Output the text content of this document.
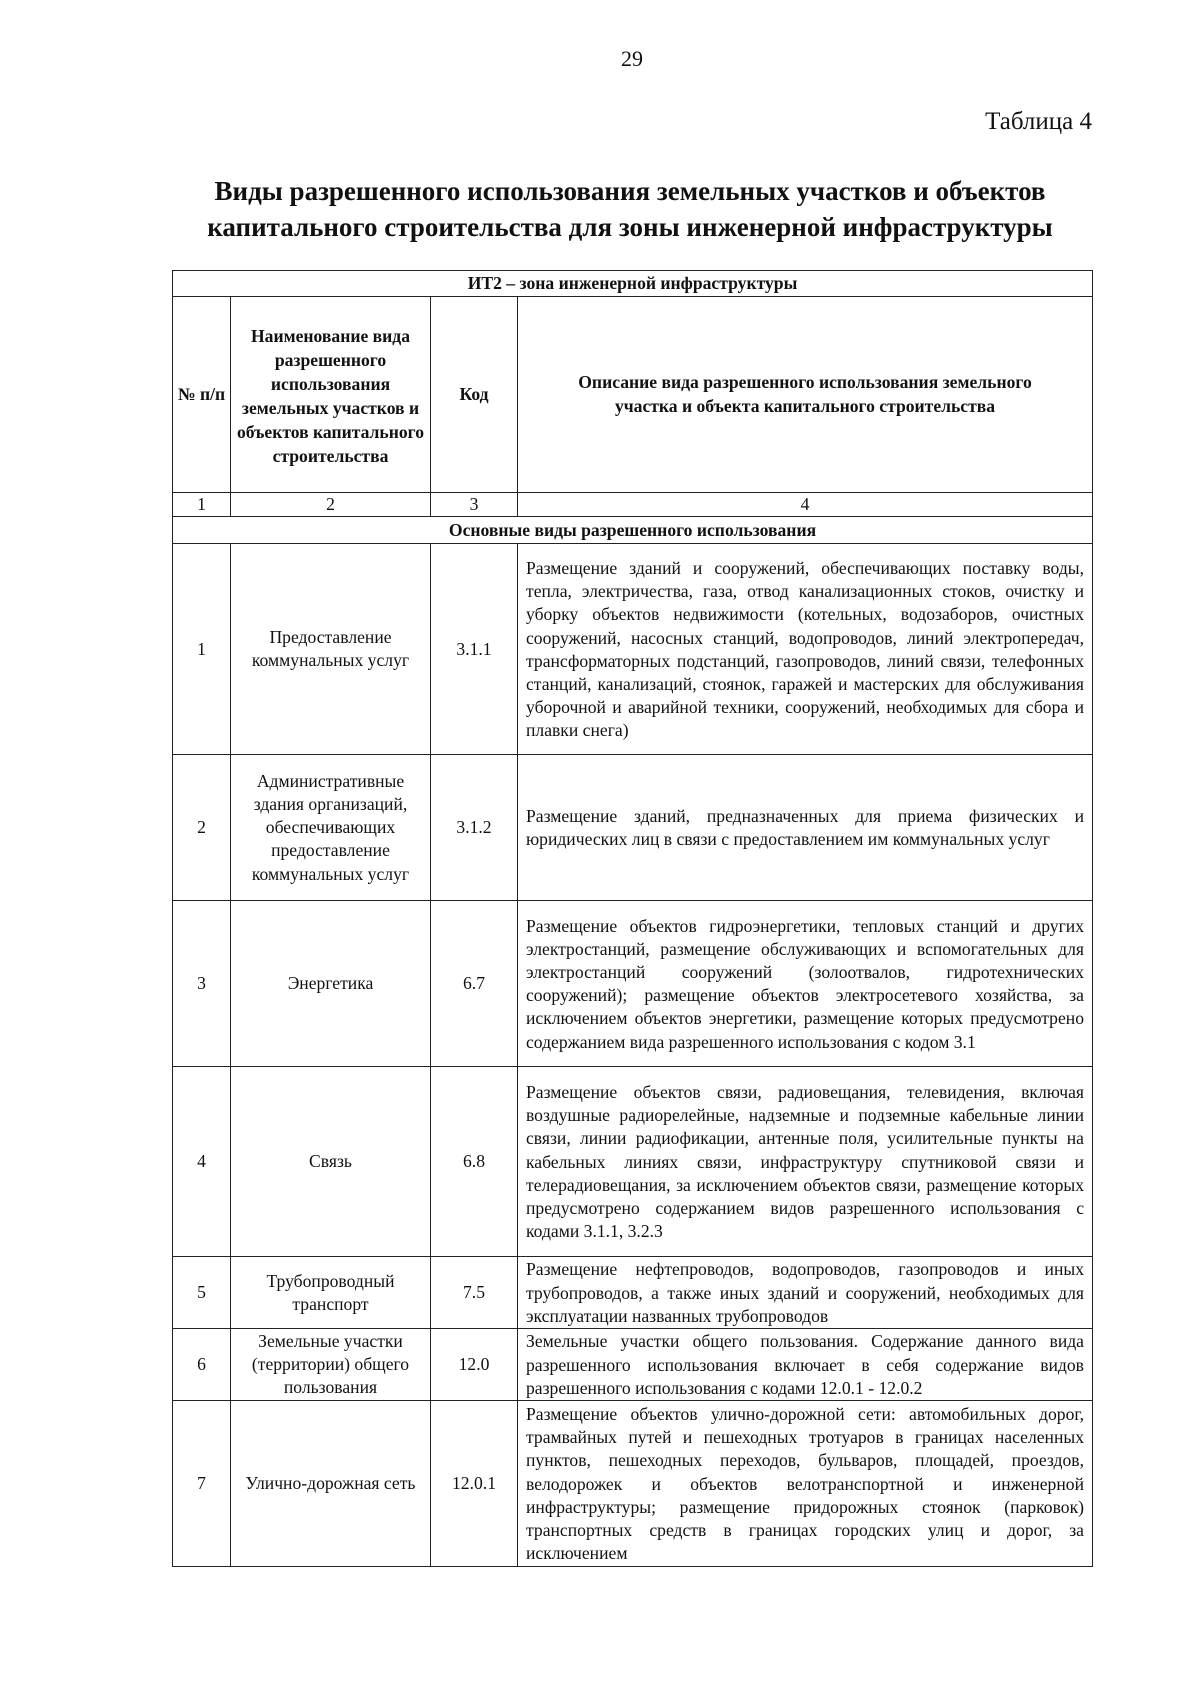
29
Таблица 4
Виды разрешенного использования земельных участков и объектов
капитального строительства для зоны инженерной инфраструктуры
ИТ2 – зона инженерной инфраструктуры			
№ п/п	Наименование вида разрешенного использования земельных участков и объектов капитального строительства	Код	Описание вида разрешенного использования земельного участка и объекта капитального строительства
1	2	3	4
Основные виды разрешенного использования			
1	Предоставление коммунальных услуг	3.1.1	Размещение зданий и сооружений, обеспечивающих поставку воды, тепла, электричества, газа, отвод канализационных стоков, очистку и уборку объектов недвижимости (котельных, водозаборов, очистных сооружений, насосных станций, водопроводов, линий электропередач, трансформаторных подстанций, газопроводов, линий связи, телефонных станций, канализаций, стоянок, гаражей и мастерских для обслуживания уборочной и аварийной техники, сооружений, необходимых для сбора и плавки снега)
2	Административные здания организаций, обеспечивающих предоставление коммунальных услуг	3.1.2	Размещение зданий, предназначенных для приема физических и юридических лиц в связи с предоставлением им коммунальных услуг
3	Энергетика	6.7	Размещение объектов гидроэнергетики, тепловых станций и других электростанций, размещение обслуживающих и вспомогательных для электростанций сооружений (золоотвалов, гидротехнических сооружений); размещение объектов электросетевого хозяйства, за исключением объектов энергетики, размещение которых предусмотрено содержанием вида разрешенного использования с кодом 3.1
4	Связь	6.8	Размещение объектов связи, радиовещания, телевидения, включая воздушные радиорелейные, надземные и подземные кабельные линии связи, линии радиофикации, антенные поля, усилительные пункты на кабельных линиях связи, инфраструктуру спутниковой связи и телерадиовещания, за исключением объектов связи, размещение которых предусмотрено содержанием видов разрешенного использования с кодами 3.1.1, 3.2.3
5	Трубопроводный транспорт	7.5	Размещение нефтепроводов, водопроводов, газопроводов и иных трубопроводов, а также иных зданий и сооружений, необходимых для эксплуатации названных трубопроводов
6	Земельные участки (территории) общего пользования	12.0	Земельные участки общего пользования. Содержание данного вида разрешенного использования включает в себя содержание видов разрешенного использования с кодами 12.0.1 - 12.0.2
7	Улично-дорожная сеть	12.0.1	Размещение объектов улично-дорожной сети: автомобильных дорог, трамвайных путей и пешеходных тротуаров в границах населенных пунктов, пешеходных переходов, бульваров, площадей, проездов, велодорожек и объектов велотранспортной и инженерной инфраструктуры; размещение придорожных стоянок (парковок) транспортных средств в границах городских улиц и дорог, за исключением
